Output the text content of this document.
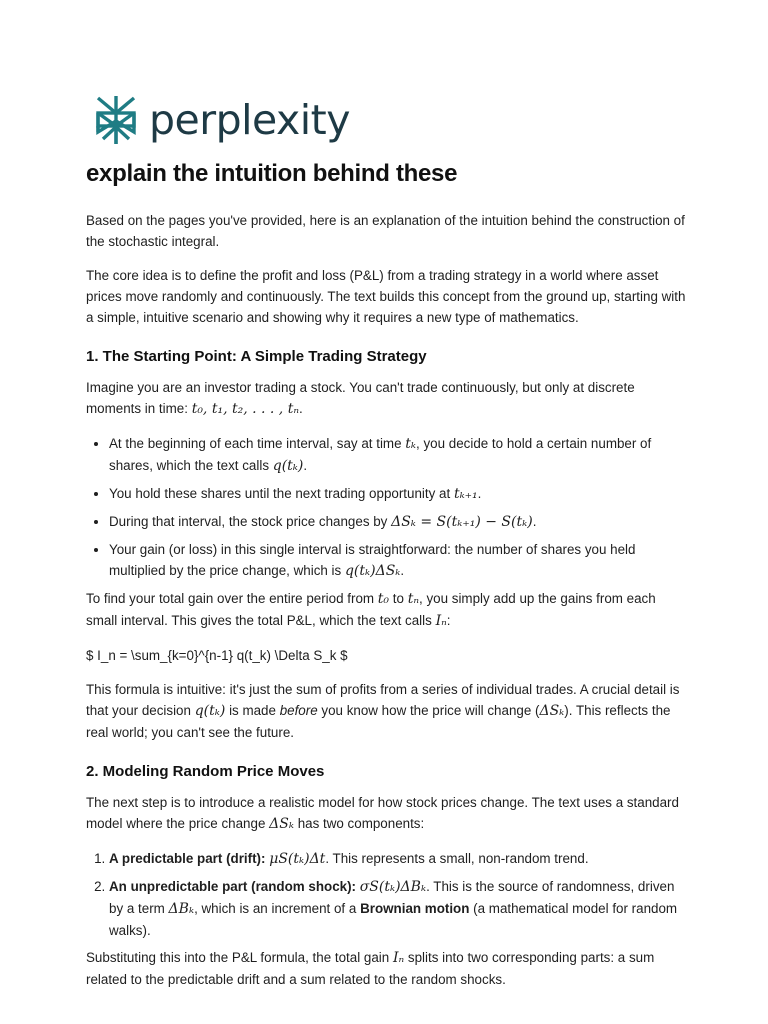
perplexity
explain the intuition behind these

Based on the pages you've provided, here is an explanation of the intuition behind the construction of the stochastic integral.

The core idea is to define the profit and loss (P&L) from a trading strategy in a world where asset prices move randomly and continuously. The text builds this concept from the ground up, starting with a simple, intuitive scenario and showing why it requires a new type of mathematics.

1. The Starting Point: A Simple Trading Strategy

Imagine you are an investor trading a stock. You can't trade continuously, but only at discrete moments in time: t₀, t₁, t₂, . . . , tₙ.

• At the beginning of each time interval, say at time tₖ, you decide to hold a certain number of shares, which the text calls q(tₖ).
• You hold these shares until the next trading opportunity at tₖ₊₁.
• During that interval, the stock price changes by ΔSₖ = S(tₖ₊₁) − S(tₖ).
• Your gain (or loss) in this single interval is straightforward: the number of shares you held multiplied by the price change, which is q(tₖ)ΔSₖ.

To find your total gain over the entire period from t₀ to tₙ, you simply add up the gains from each small interval. This gives the total P&L, which the text calls Iₙ:

$ I_n = \sum_{k=0}^{n-1} q(t_k) \Delta S_k $

This formula is intuitive: it's just the sum of profits from a series of individual trades. A crucial detail is that your decision q(tₖ) is made before you know how the price will change (ΔSₖ). This reflects the real world; you can't see the future.

2. Modeling Random Price Moves

The next step is to introduce a realistic model for how stock prices change. The text uses a standard model where the price change ΔSₖ has two components:

1. A predictable part (drift): μS(tₖ)Δt. This represents a small, non-random trend.
2. An unpredictable part (random shock): σS(tₖ)ΔBₖ. This is the source of randomness, driven by a term ΔBₖ, which is an increment of a Brownian motion (a mathematical model for random walks).

Substituting this into the P&L formula, the total gain Iₙ splits into two corresponding parts: a sum related to the predictable drift and a sum related to the random shocks.
